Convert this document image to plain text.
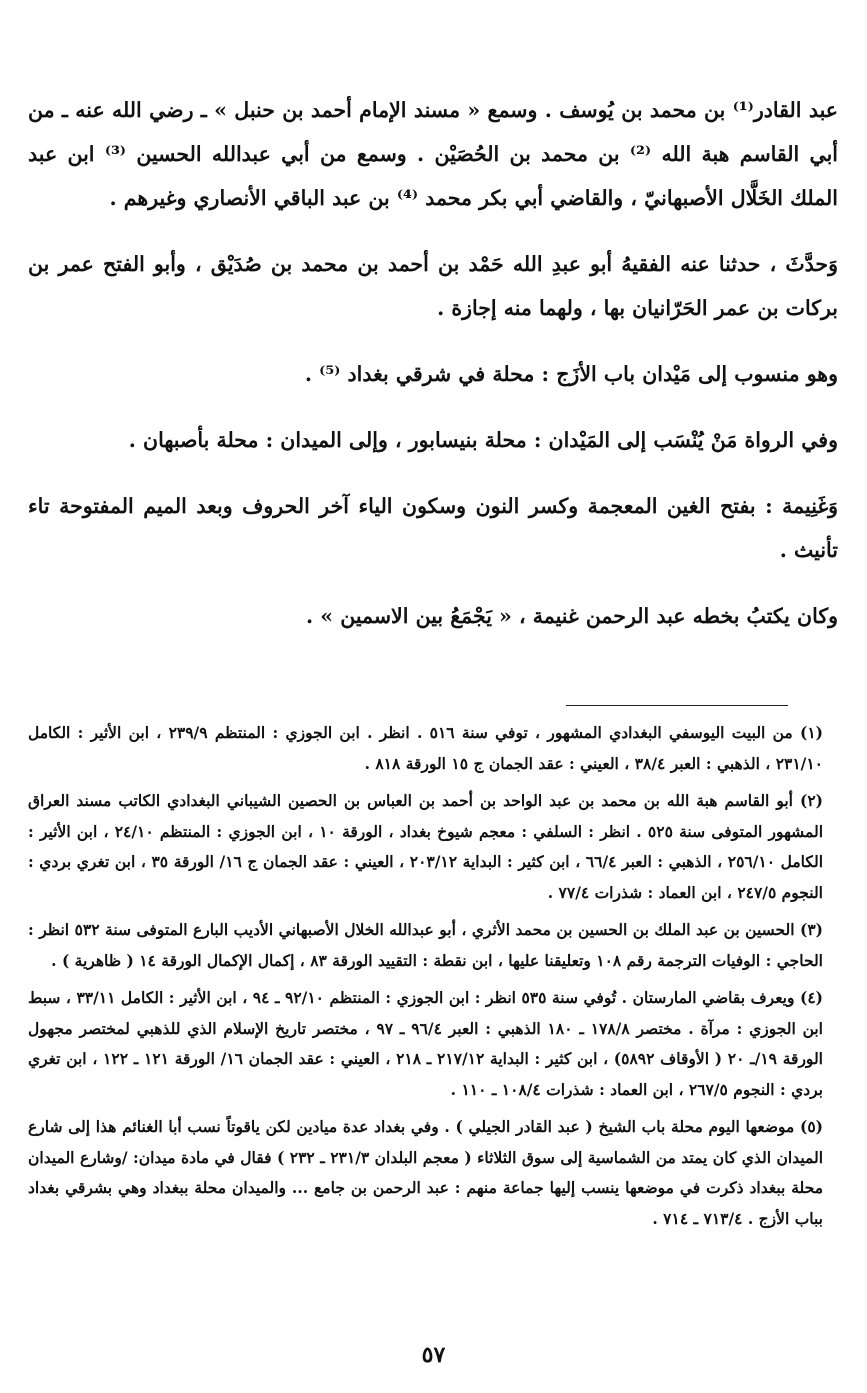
عبد القادر⁽¹⁾ بن محمد بن يُوسف . وسمع « مسند الإمام أحمد بن حنبل » ـ رضي الله عنه ـ من أبي القاسم هبة الله ⁽²⁾ بن محمد بن الحُصَيْن . وسمع من أبي عبدالله الحسين ⁽³⁾ ابن عبد الملك الخَلَّال الأصبهانيّ ، والقاضي أبي بكر محمد ⁽⁴⁾ بن عبد الباقي الأنصاري وغيرهم .

وَحدَّثَ ، حدثنا عنه الفقيهُ أبو عبدِ الله حَمْد بن أحمد بن محمد بن صُدَيْق ، وأبو الفتح عمر بن بركات بن عمر الحَرّانيان بها ، ولهما منه إجازة .

وهو منسوب إلى مَيْدان باب الأزَج : محلة في شرقي بغداد ⁽⁵⁾ .

وفي الرواة مَنْ يُنْسَب إلى المَيْدان : محلة بنيسابور ، وإلى الميدان : محلة بأصبهان .

وَغَنِيمة : بفتح الغين المعجمة وكسر النون وسكون الياء آخر الحروف وبعد الميم المفتوحة تاء تأنيث .

وكان يكتبُ بخطه عبد الرحمن غنيمة ، « يَجْمَعُ بين الاسمين » .

(١) من البيت اليوسفي البغدادي المشهور ، توفي سنة ٥١٦ . انظر . ابن الجوزي : المنتظم ٢٣٩/٩ ، ابن الأثير : الكامل ٢٣١/١٠ ، الذهبي : العبر ٣٨/٤ ، العيني : عقد الجمان ج ١٥ الورقة ٨١٨ .

(٢) أبو القاسم هبة الله بن محمد بن عبد الواحد بن أحمد بن العباس بن الحصين الشيباني البغدادي الكاتب مسند العراق المشهور المتوفى سنة ٥٢٥ . انظر : السلفي : معجم شيوخ بغداد ، الورقة ١٠ ، ابن الجوزي : المنتظم ٢٤/١٠ ، ابن الأثير : الكامل ٢٥٦/١٠ ، الذهبي : العبر ٦٦/٤ ، ابن كثير : البداية ٢٠٣/١٢ ، العيني : عقد الجمان ج ١٦/ الورقة ٣٥ ، ابن تغري بردي : النجوم ٢٤٧/٥ ، ابن العماد : شذرات ٧٧/٤ .

(٣) الحسين بن عبد الملك بن الحسين بن محمد الأثري ، أبو عبدالله الخلال الأصبهاني الأديب البارع المتوفى سنة ٥٣٢ انظر : الحاجي : الوفيات الترجمة رقم ١٠٨ وتعليقنا عليها ، ابن نقطة : التقييد الورقة ٨٣ ، إكمال الإكمال الورقة ١٤ ( ظاهرية ) .

(٤) ويعرف بقاضي المارستان . تُوفي سنة ٥٣٥ انظر : ابن الجوزي : المنتظم ٩٢/١٠ ـ ٩٤ ، ابن الأثير : الكامل ٣٣/١١ ، سبط ابن الجوزي : مرآة . مختصر ١٧٨/٨ ـ ١٨٠ الذهبي : العبر ٩٦/٤ ـ ٩٧ ، مختصر تاريخ الإسلام الذي للذهبي لمختصر مجهول الورقة ١٩/ـ ٢٠ ( الأوقاف ٥٨٩٢) ، ابن كثير : البداية ٢١٧/١٢ ـ ٢١٨ ، العيني : عقد الجمان ١٦/ الورقة ١٢١ ـ ١٢٢ ، ابن تغري بردي : النجوم ٢٦٧/٥ ، ابن العماد : شذرات ١٠٨/٤ ـ ١١٠ .

(٥) موضعها اليوم محلة باب الشيخ ( عبد القادر الجيلي ) . وفي بغداد عدة ميادين لكن ياقوتاً نسب أبا الغنائم هذا إلى شارع الميدان الذي كان يمتد من الشماسية إلى سوق الثلاثاء ( معجم البلدان ٢٣١/٣ ـ ٢٣٢ ) فقال في مادة ميدان: /وشارع الميدان محلة ببغداد ذكرت في موضعها ينسب إليها جماعة منهم : عبد الرحمن بن جامع ... والميدان محلة ببغداد وهي بشرقي بغداد بباب الأزج . ٧١٣/٤ ـ ٧١٤ .

٥٧
